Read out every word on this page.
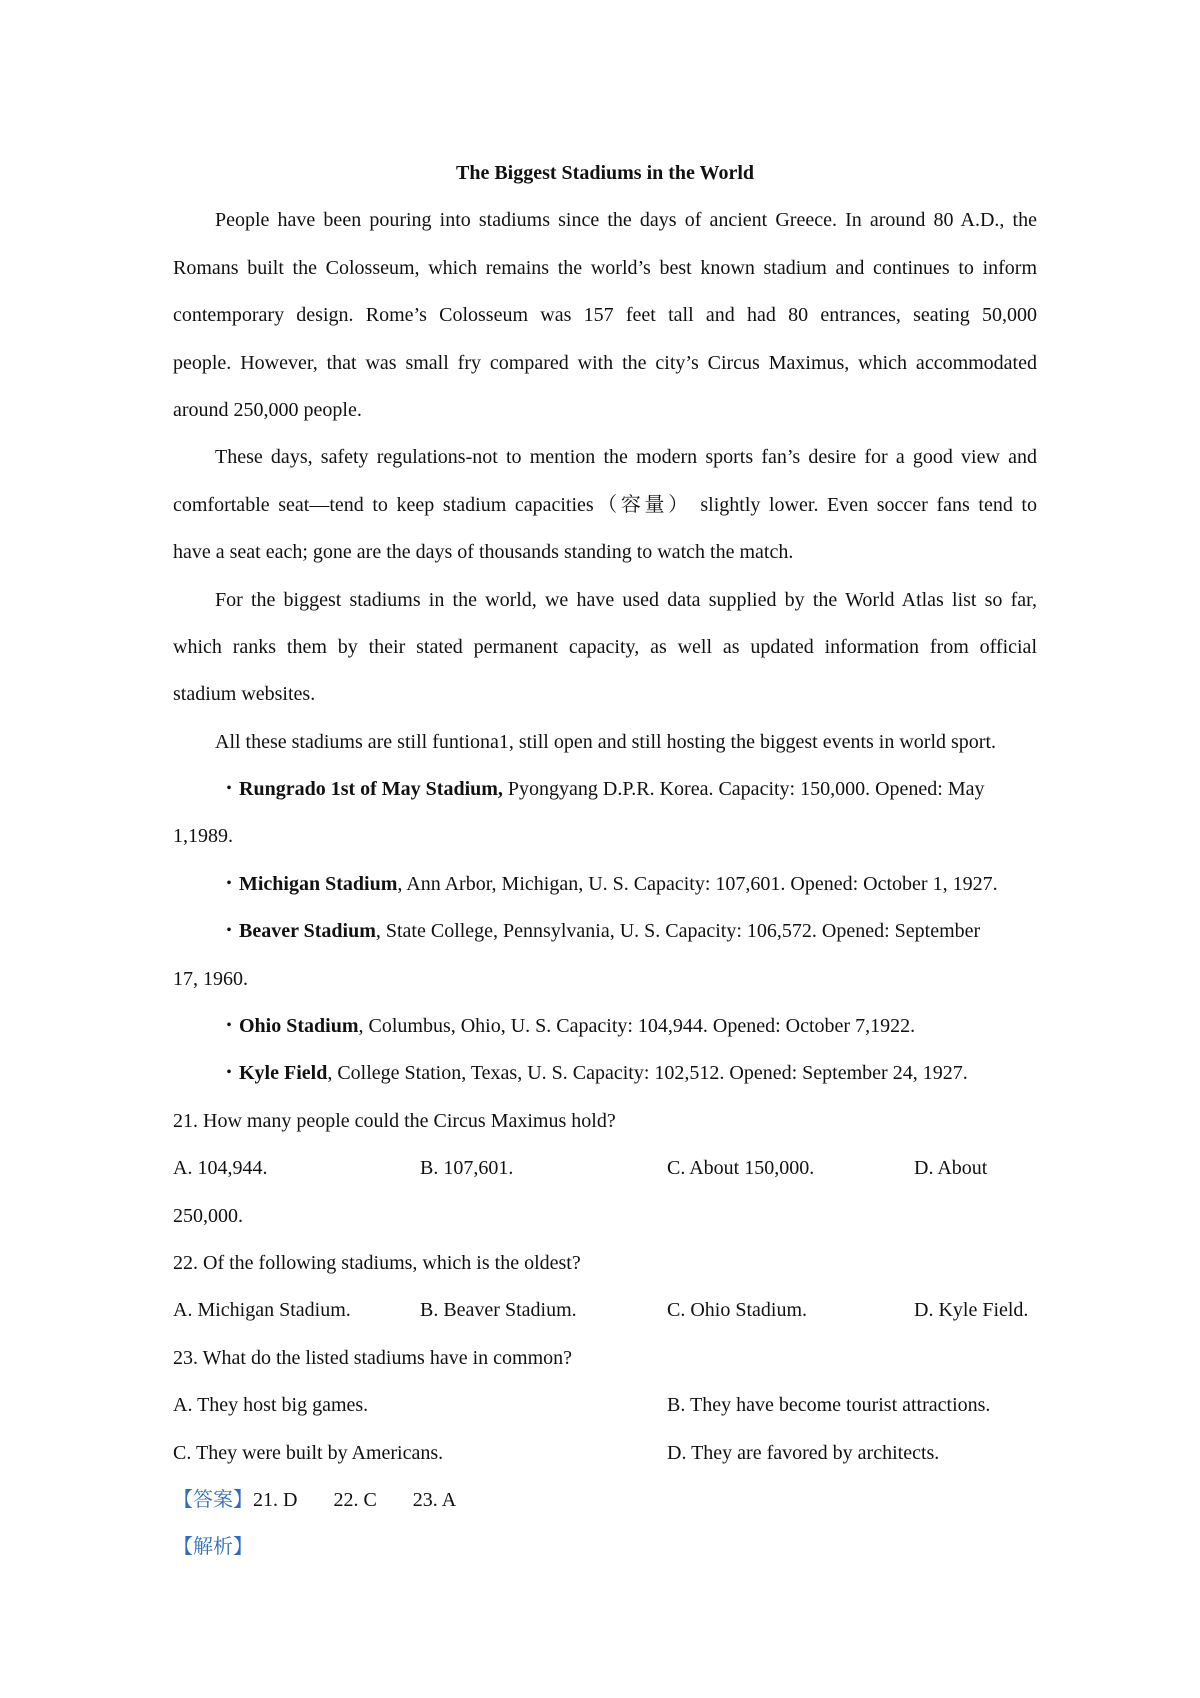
The Biggest Stadiums in the World
People have been pouring into stadiums since the days of ancient Greece. In around 80 A.D., the
Romans built the Colosseum, which remains the world’s best known stadium and continues to inform
contemporary design. Rome’s Colosseum was 157 feet tall and had 80 entrances, seating 50,000
people. However, that was small fry compared with the city’s Circus Maximus, which accommodated
around 250,000 people.
These days, safety regulations-not to mention the modern sports fan’s desire for a good view and
comfortable seat—tend to keep stadium capacities（容量） slightly lower. Even soccer fans tend to
have a seat each; gone are the days of thousands standing to watch the match.
For the biggest stadiums in the world, we have used data supplied by the World Atlas list so far,
which ranks them by their stated permanent capacity, as well as updated information from official
stadium websites.
All these stadiums are still funtiona1, still open and still hosting the biggest events in world sport.
・Rungrado 1st of May Stadium, Pyongyang D.P.R. Korea. Capacity: 150,000. Opened: May
1,1989.
・Michigan Stadium, Ann Arbor, Michigan, U. S. Capacity: 107,601. Opened: October 1, 1927.
・Beaver Stadium, State College, Pennsylvania, U. S. Capacity: 106,572. Opened: September
17, 1960.
・Ohio Stadium, Columbus, Ohio, U. S. Capacity: 104,944. Opened: October 7,1922.
・Kyle Field, College Station, Texas, U. S. Capacity: 102,512. Opened: September 24, 1927.
21. How many people could the Circus Maximus hold?
A. 104,944.	B. 107,601.	C. About 150,000.	D. About
250,000.
22. Of the following stadiums, which is the oldest?
A. Michigan Stadium.	B. Beaver Stadium.	C. Ohio Stadium.	D. Kyle Field.
23. What do the listed stadiums have in common?
A. They host big games.	B. They have become tourist attractions.
C. They were built by Americans.	D. They are favored by architects.
【答案】21. D 22. C 23. A
【解析】
